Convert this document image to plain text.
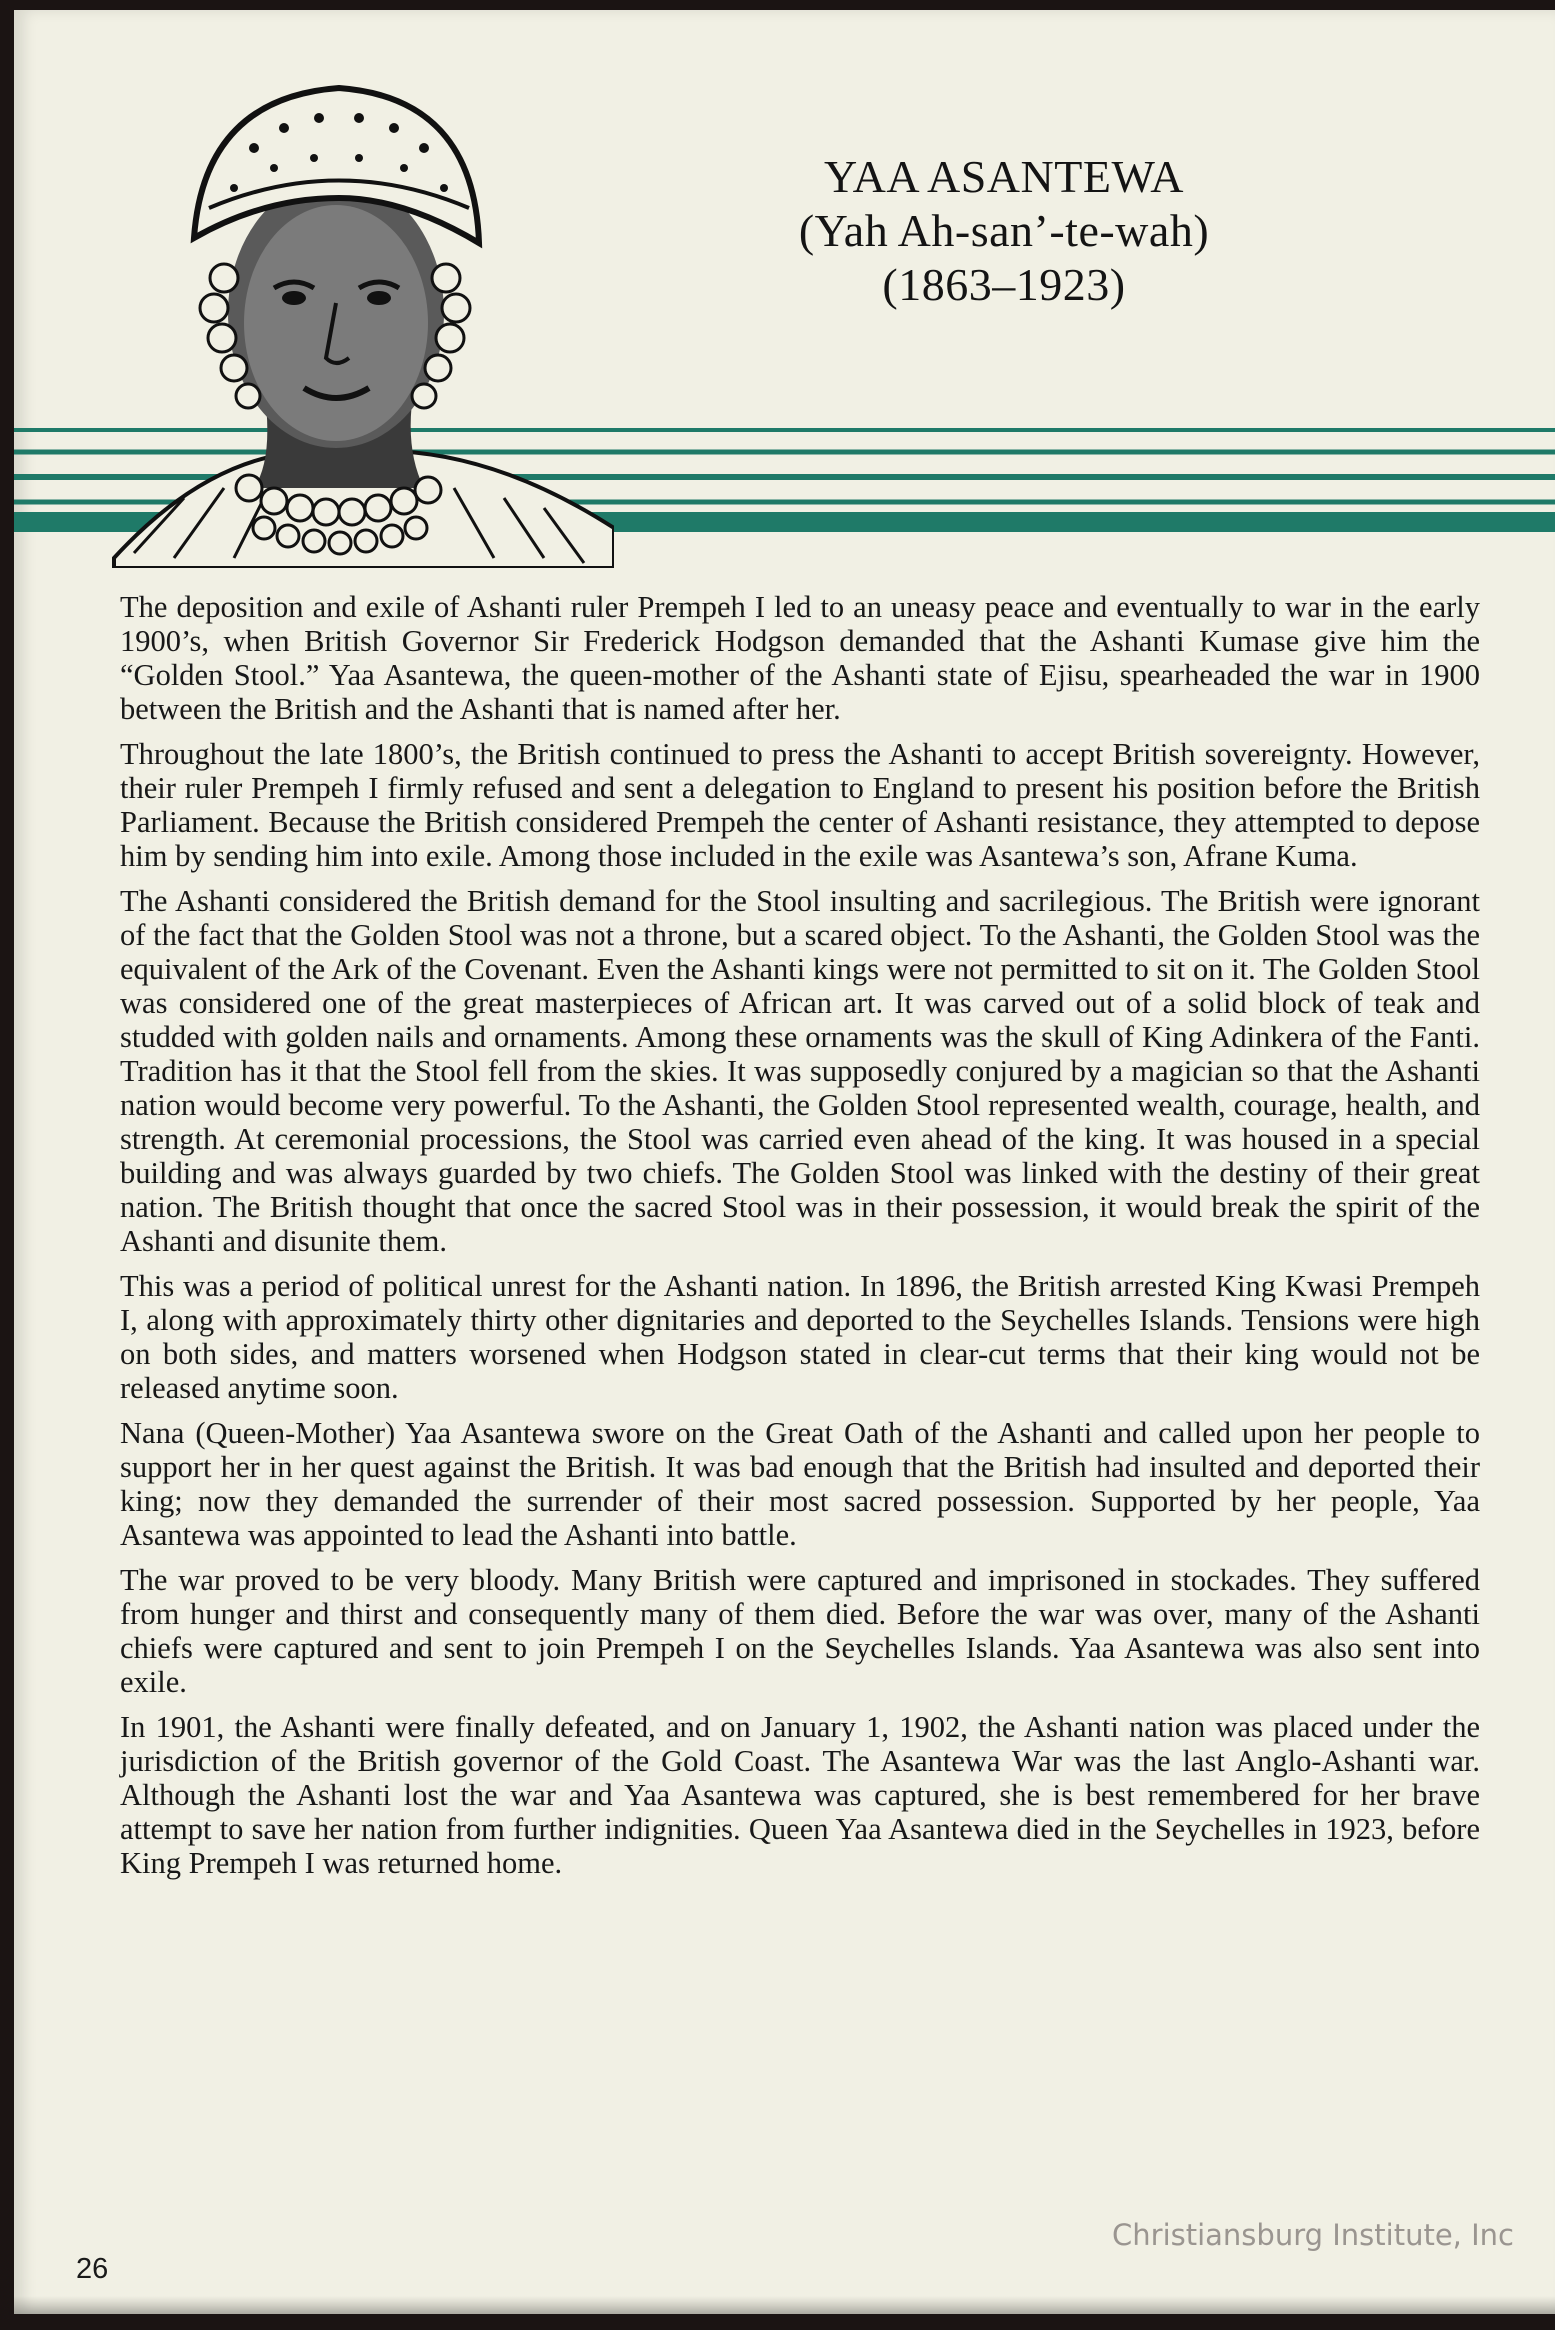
YAA ASANTEWA
(Yah Ah-san’-te-wah)
(1863–1923)

The deposition and exile of Ashanti ruler Prempeh I led to an uneasy peace and eventually to war in the early 1900’s, when British Governor Sir Frederick Hodgson demanded that the Ashanti Kumase give him the “Golden Stool.” Yaa Asantewa, the queen-mother of the Ashanti state of Ejisu, spearheaded the war in 1900 between the British and the Ashanti that is named after her.

Throughout the late 1800’s, the British continued to press the Ashanti to accept British sovereignty. However, their ruler Prempeh I firmly refused and sent a delegation to England to present his position before the British Parliament. Because the British considered Prempeh the center of Ashanti resistance, they attempted to depose him by sending him into exile. Among those included in the exile was Asantewa’s son, Afrane Kuma.

The Ashanti considered the British demand for the Stool insulting and sacrilegious. The British were ignorant of the fact that the Golden Stool was not a throne, but a scared object. To the Ashanti, the Golden Stool was the equivalent of the Ark of the Covenant. Even the Ashanti kings were not permitted to sit on it. The Golden Stool was considered one of the great masterpieces of African art. It was carved out of a solid block of teak and studded with golden nails and ornaments. Among these ornaments was the skull of King Adinkera of the Fanti. Tradition has it that the Stool fell from the skies. It was supposedly conjured by a magician so that the Ashanti nation would become very powerful. To the Ashanti, the Golden Stool represented wealth, courage, health, and strength. At ceremonial processions, the Stool was carried even ahead of the king. It was housed in a special building and was always guarded by two chiefs. The Golden Stool was linked with the destiny of their great nation. The British thought that once the sacred Stool was in their possession, it would break the spirit of the Ashanti and disunite them.

This was a period of political unrest for the Ashanti nation. In 1896, the British arrested King Kwasi Prempeh I, along with approximately thirty other dignitaries and deported to the Seychelles Islands. Tensions were high on both sides, and matters worsened when Hodgson stated in clear-cut terms that their king would not be released anytime soon.

Nana (Queen-Mother) Yaa Asantewa swore on the Great Oath of the Ashanti and called upon her people to support her in her quest against the British. It was bad enough that the British had insulted and deported their king; now they demanded the surrender of their most sacred possession. Supported by her people, Yaa Asantewa was appointed to lead the Ashanti into battle.

The war proved to be very bloody. Many British were captured and imprisoned in stockades. They suffered from hunger and thirst and consequently many of them died. Before the war was over, many of the Ashanti chiefs were captured and sent to join Prempeh I on the Seychelles Islands. Yaa Asantewa was also sent into exile.

In 1901, the Ashanti were finally defeated, and on January 1, 1902, the Ashanti nation was placed under the jurisdiction of the British governor of the Gold Coast. The Asantewa War was the last Anglo-Ashanti war. Although the Ashanti lost the war and Yaa Asantewa was captured, she is best remembered for her brave attempt to save her nation from further indignities. Queen Yaa Asantewa died in the Seychelles in 1923, before King Prempeh I was returned home.

Christiansburg Institute, Inc
26
